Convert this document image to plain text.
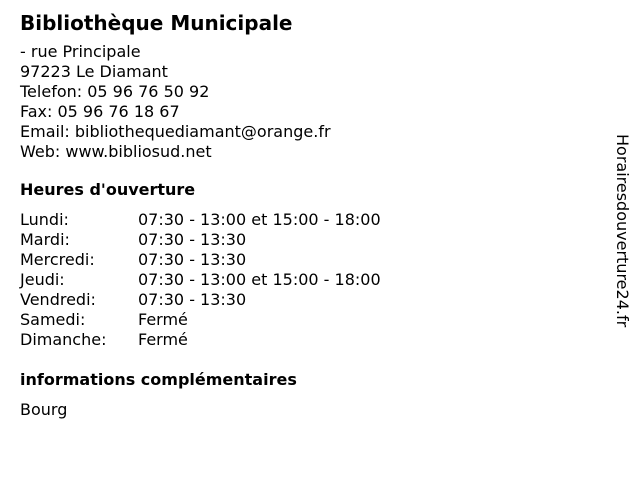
Bibliothèque Municipale
- rue Principale
97223 Le Diamant
Telefon: 05 96 76 50 92
Fax: 05 96 76 18 67
Email: bibliothequediamant@orange.fr
Web: www.bibliosud.net
Heures d'ouverture
Lundi:	07:30 - 13:00 et 15:00 - 18:00
Mardi:	07:30 - 13:30
Mercredi:	07:30 - 13:30
Jeudi:	07:30 - 13:00 et 15:00 - 18:00
Vendredi:	07:30 - 13:30
Samedi:	Fermé
Dimanche:	Fermé
informations complémentaires
Bourg
Horairesdouverture24.fr
